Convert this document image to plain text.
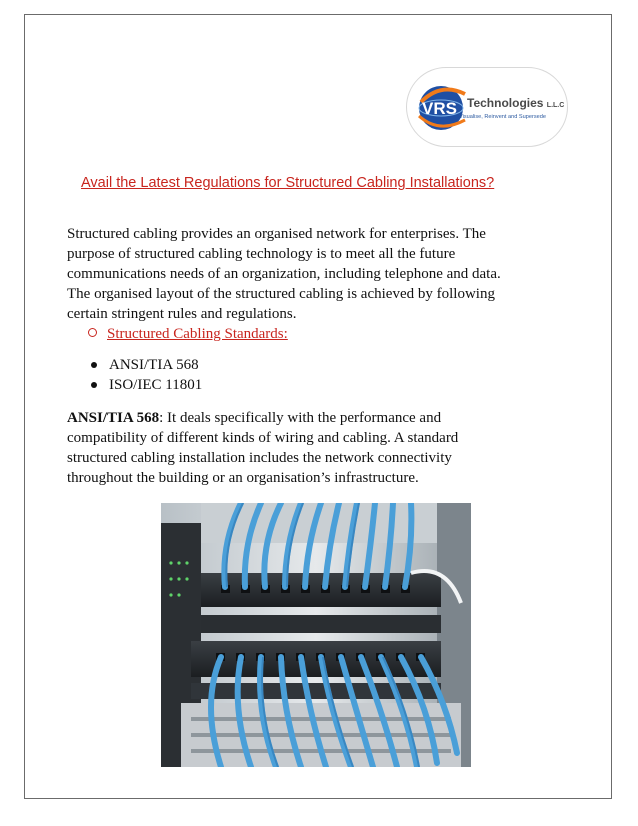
VRS Technologies L.L.C
Visualise, Reinvent and Supersede
Avail the Latest Regulations for Structured Cabling Installations?
Structured cabling provides an organised network for enterprises. The
purpose of structured cabling technology is to meet all the future
communications needs of an organization, including telephone and data.
The organised layout of the structured cabling is achieved by following
certain stringent rules and regulations.
Structured Cabling Standards:
ANSI/TIA 568
ISO/IEC 11801
ANSI/TIA 568: It deals specifically with the performance and
compatibility of different kinds of wiring and cabling. A standard
structured cabling installation includes the network connectivity
throughout the building or an organisation’s infrastructure.
